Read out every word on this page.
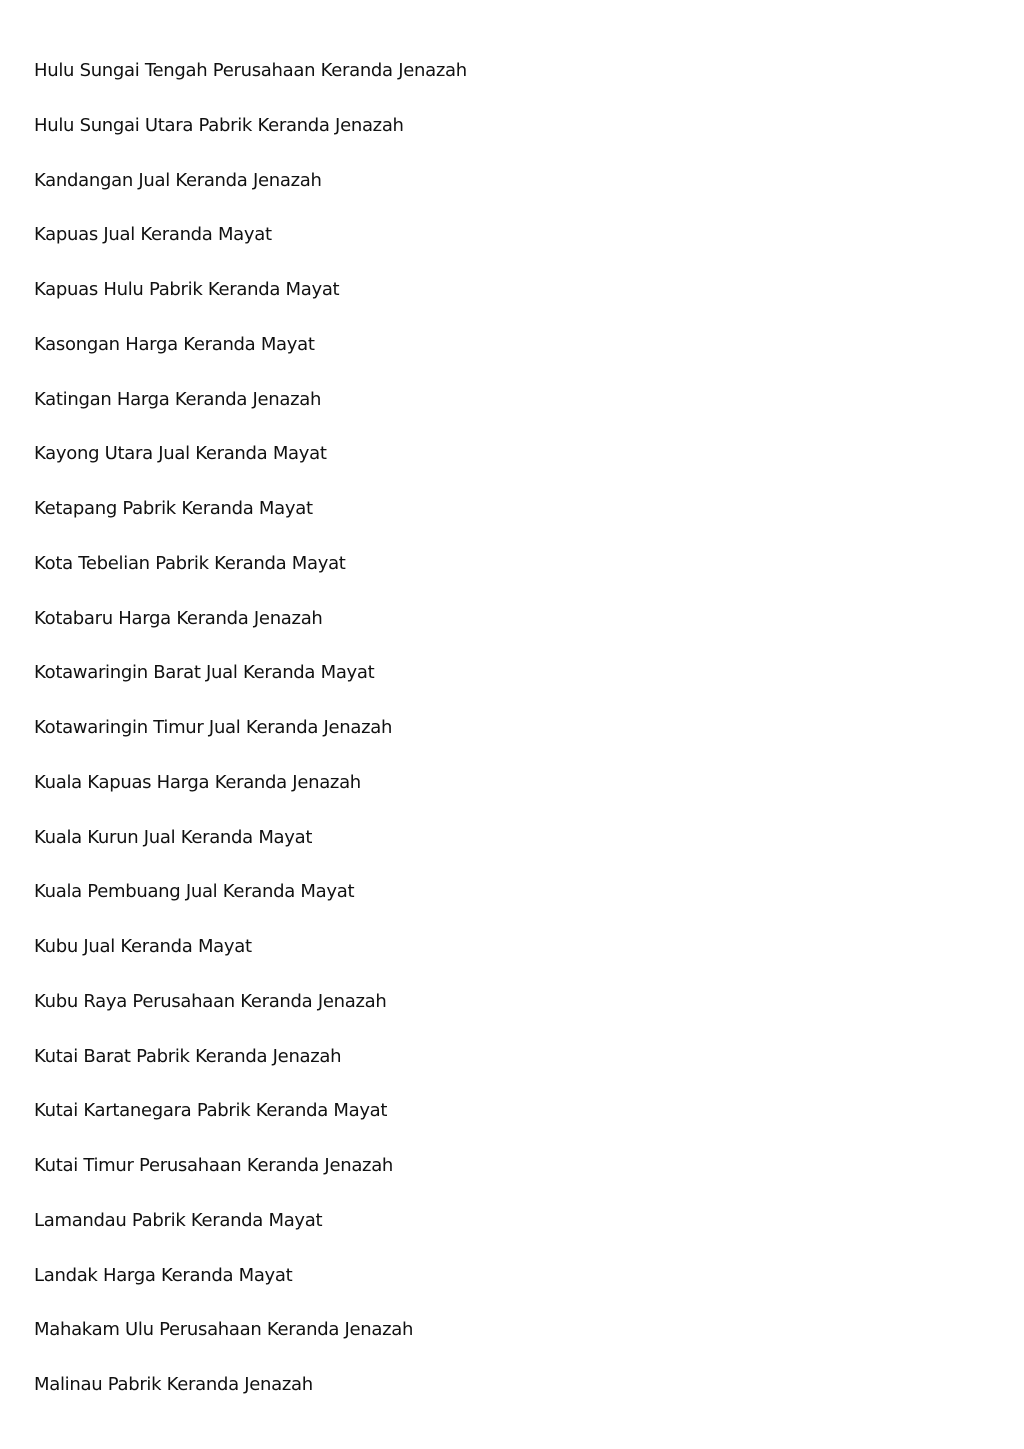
Hulu Sungai Tengah Perusahaan Keranda Jenazah
Hulu Sungai Utara Pabrik Keranda Jenazah
Kandangan Jual Keranda Jenazah
Kapuas Jual Keranda Mayat
Kapuas Hulu Pabrik Keranda Mayat
Kasongan Harga Keranda Mayat
Katingan Harga Keranda Jenazah
Kayong Utara Jual Keranda Mayat
Ketapang Pabrik Keranda Mayat
Kota Tebelian Pabrik Keranda Mayat
Kotabaru Harga Keranda Jenazah
Kotawaringin Barat Jual Keranda Mayat
Kotawaringin Timur Jual Keranda Jenazah
Kuala Kapuas Harga Keranda Jenazah
Kuala Kurun Jual Keranda Mayat
Kuala Pembuang Jual Keranda Mayat
Kubu Jual Keranda Mayat
Kubu Raya Perusahaan Keranda Jenazah
Kutai Barat Pabrik Keranda Jenazah
Kutai Kartanegara Pabrik Keranda Mayat
Kutai Timur Perusahaan Keranda Jenazah
Lamandau Pabrik Keranda Mayat
Landak Harga Keranda Mayat
Mahakam Ulu Perusahaan Keranda Jenazah
Malinau Pabrik Keranda Jenazah
